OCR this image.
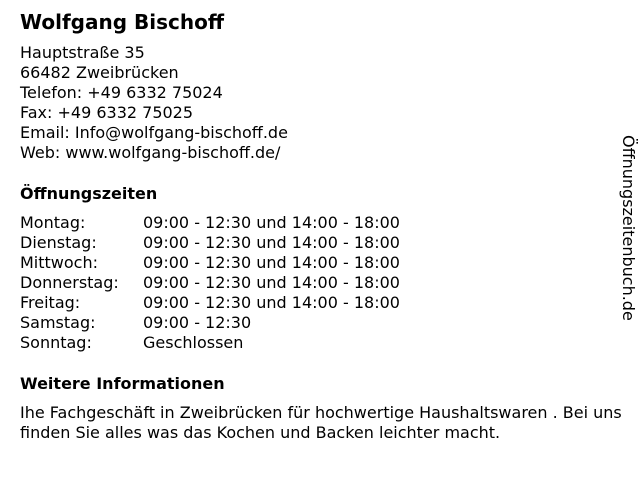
Wolfgang Bischoff
Hauptstraße 35
66482 Zweibrücken
Telefon: +49 6332 75024
Fax: +49 6332 75025
Email: Info@wolfgang-bischoff.de
Web: www.wolfgang-bischoff.de/
Öffnungszeiten
Montag:	09:00 - 12:30 und 14:00 - 18:00
Dienstag:	09:00 - 12:30 und 14:00 - 18:00
Mittwoch:	09:00 - 12:30 und 14:00 - 18:00
Donnerstag:	09:00 - 12:30 und 14:00 - 18:00
Freitag:	09:00 - 12:30 und 14:00 - 18:00
Samstag:	09:00 - 12:30
Sonntag:	Geschlossen
Weitere Informationen
Ihe Fachgeschäft in Zweibrücken für hochwertige Haushaltswaren . Bei uns finden Sie alles was das Kochen und Backen leichter macht.
Öffnungszeitenbuch.de
